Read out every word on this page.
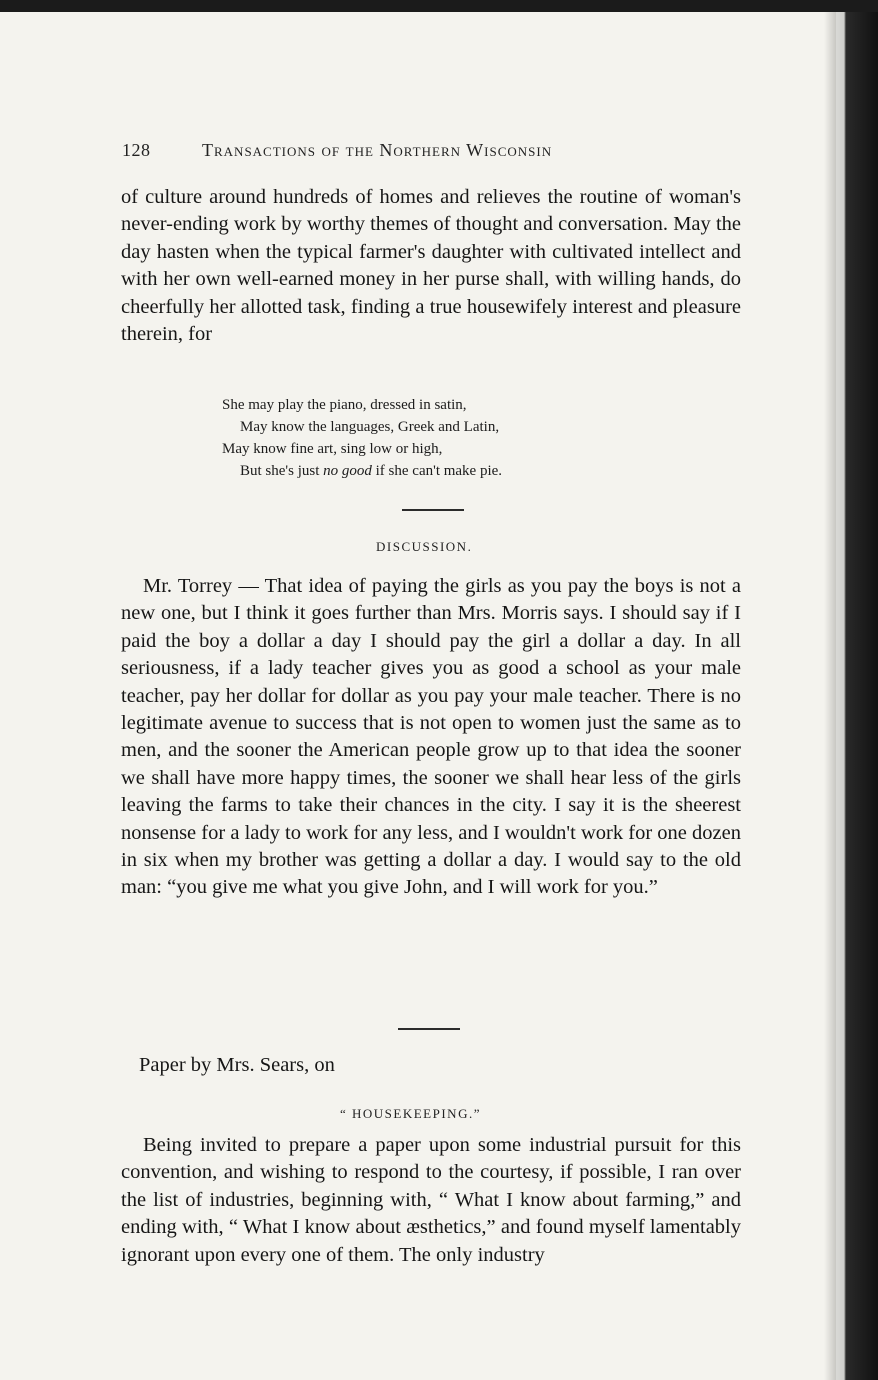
128	Transactions of the Northern Wisconsin

of culture around hundreds of homes and relieves the routine of woman's never-ending work by worthy themes of thought and conversation. May the day hasten when the typical farmer's daughter with cultivated intellect and with her own well-earned money in her purse shall, with willing hands, do cheerfully her allotted task, finding a true housewifely interest and pleasure therein, for

She may play the piano, dressed in satin,
May know the languages, Greek and Latin,
May know fine art, sing low or high,
But she's just no good if she can't make pie.
DISCUSSION.

Mr. Torrey — That idea of paying the girls as you pay the boys is not a new one, but I think it goes further than Mrs. Morris says. I should say if I paid the boy a dollar a day I should pay the girl a dollar a day. In all seriousness, if a lady teacher gives you as good a school as your male teacher, pay her dollar for dollar as you pay your male teacher. There is no legitimate avenue to success that is not open to women just the same as to men, and the sooner the American people grow up to that idea the sooner we shall have more happy times, the sooner we shall hear less of the girls leaving the farms to take their chances in the city. I say it is the sheerest nonsense for a lady to work for any less, and I wouldn't work for one dozen in six when my brother was getting a dollar a day. I would say to the old man: “you give me what you give John, and I will work for you.”

Paper by Mrs. Sears, on
“ HOUSEKEEPING.”

Being invited to prepare a paper upon some industrial pursuit for this convention, and wishing to respond to the courtesy, if possible, I ran over the list of industries, beginning with, “ What I know about farming,” and ending with, “ What I know about æsthetics,” and found myself lamentably ignorant upon every one of them. The only industry
